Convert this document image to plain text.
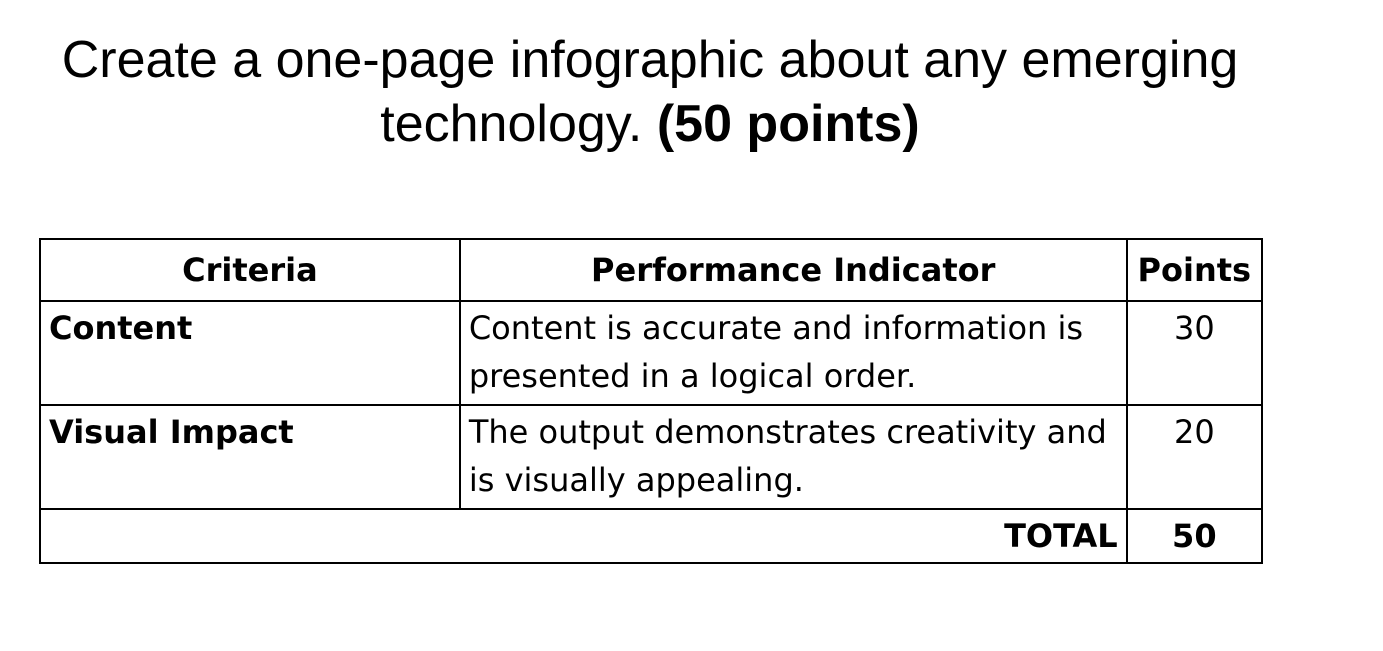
Create a one-page infographic about any emerging
technology. (50 points)
Criteria	Performance Indicator	Points
Content	Content is accurate and information is presented in a logical order.	30
Visual Impact	The output demonstrates creativity and is visually appealing.	20
TOTAL		50
